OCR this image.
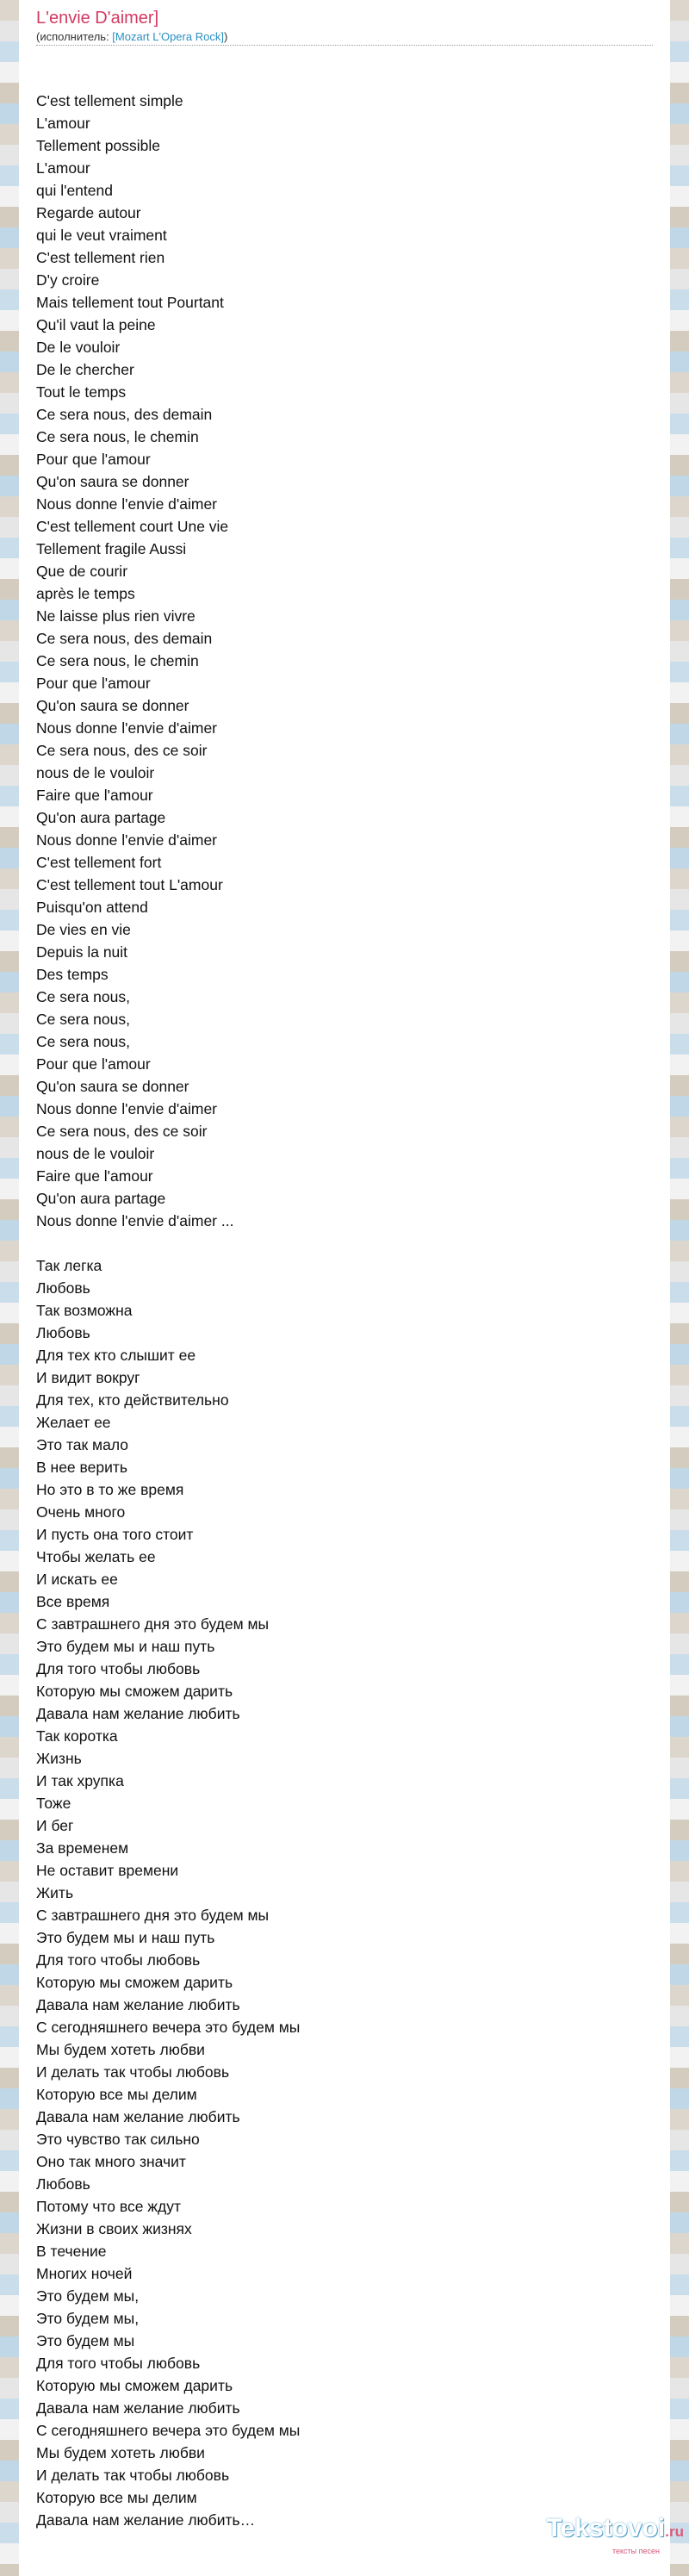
L'envie D'aimer]
(исполнитель: [Mozart L'Opera Rock])
C'est tellement simple
L'amour
Tellement possible
L'amour
qui l'entend
Regarde autour
qui le veut vraiment
C'est tellement rien
D'y croire
Mais tellement tout Pourtant
Qu'il vaut la peine
De le vouloir
De le chercher
Tout le temps
Ce sera nous, des demain
Ce sera nous, le chemin
Pour que l'amour
Qu'on saura se donner
Nous donne l'envie d'aimer
C'est tellement court Une vie
Tellement fragile Aussi
Que de courir
après le temps
Ne laisse plus rien vivre
Ce sera nous, des demain
Ce sera nous, le chemin
Pour que l'amour
Qu'on saura se donner
Nous donne l'envie d'aimer
Ce sera nous, des ce soir
nous de le vouloir
Faire que l'amour
Qu'on aura partage
Nous donne l'envie d'aimer
C'est tellement fort
C'est tellement tout L'amour
Puisqu'on attend
De vies en vie
Depuis la nuit
Des temps
Ce sera nous,
Ce sera nous,
Ce sera nous,
Pour que l'amour
Qu'on saura se donner
Nous donne l'envie d'aimer
Ce sera nous, des ce soir
nous de le vouloir
Faire que l'amour
Qu'on aura partage
Nous donne l'envie d'aimer ...
Так легка
Любовь
Так возможна
Любовь
Для тех кто слышит ее
И видит вокруг
Для тех, кто действительно
Желает ее
Это так мало
В нее верить
Но это в то же время
Очень много
И пусть она того стоит
Чтобы желать ее
И искать ее
Все время
С завтрашнего дня это будем мы
Это будем мы и наш путь
Для того чтобы любовь
Которую мы сможем дарить
Давала нам желание любить
Так коротка
Жизнь
И так хрупка
Тоже
И бег
За временем
Не оставит времени
Жить
С завтрашнего дня это будем мы
Это будем мы и наш путь
Для того чтобы любовь
Которую мы сможем дарить
Давала нам желание любить
С сегодняшнего вечера это будем мы
Мы будем хотеть любви
И делать так чтобы любовь
Которую все мы делим
Давала нам желание любить
Это чувство так сильно
Оно так много значит
Любовь
Потому что все ждут
Жизни в своих жизнях
В течение
Многих ночей
Это будем мы,
Это будем мы,
Это будем мы
Для того чтобы любовь
Которую мы сможем дарить
Давала нам желание любить
С сегодняшнего вечера это будем мы
Мы будем хотеть любви
И делать так чтобы любовь
Которую все мы делим
Давала нам желание любить…	Tekstovoi.ru
тексты песен
